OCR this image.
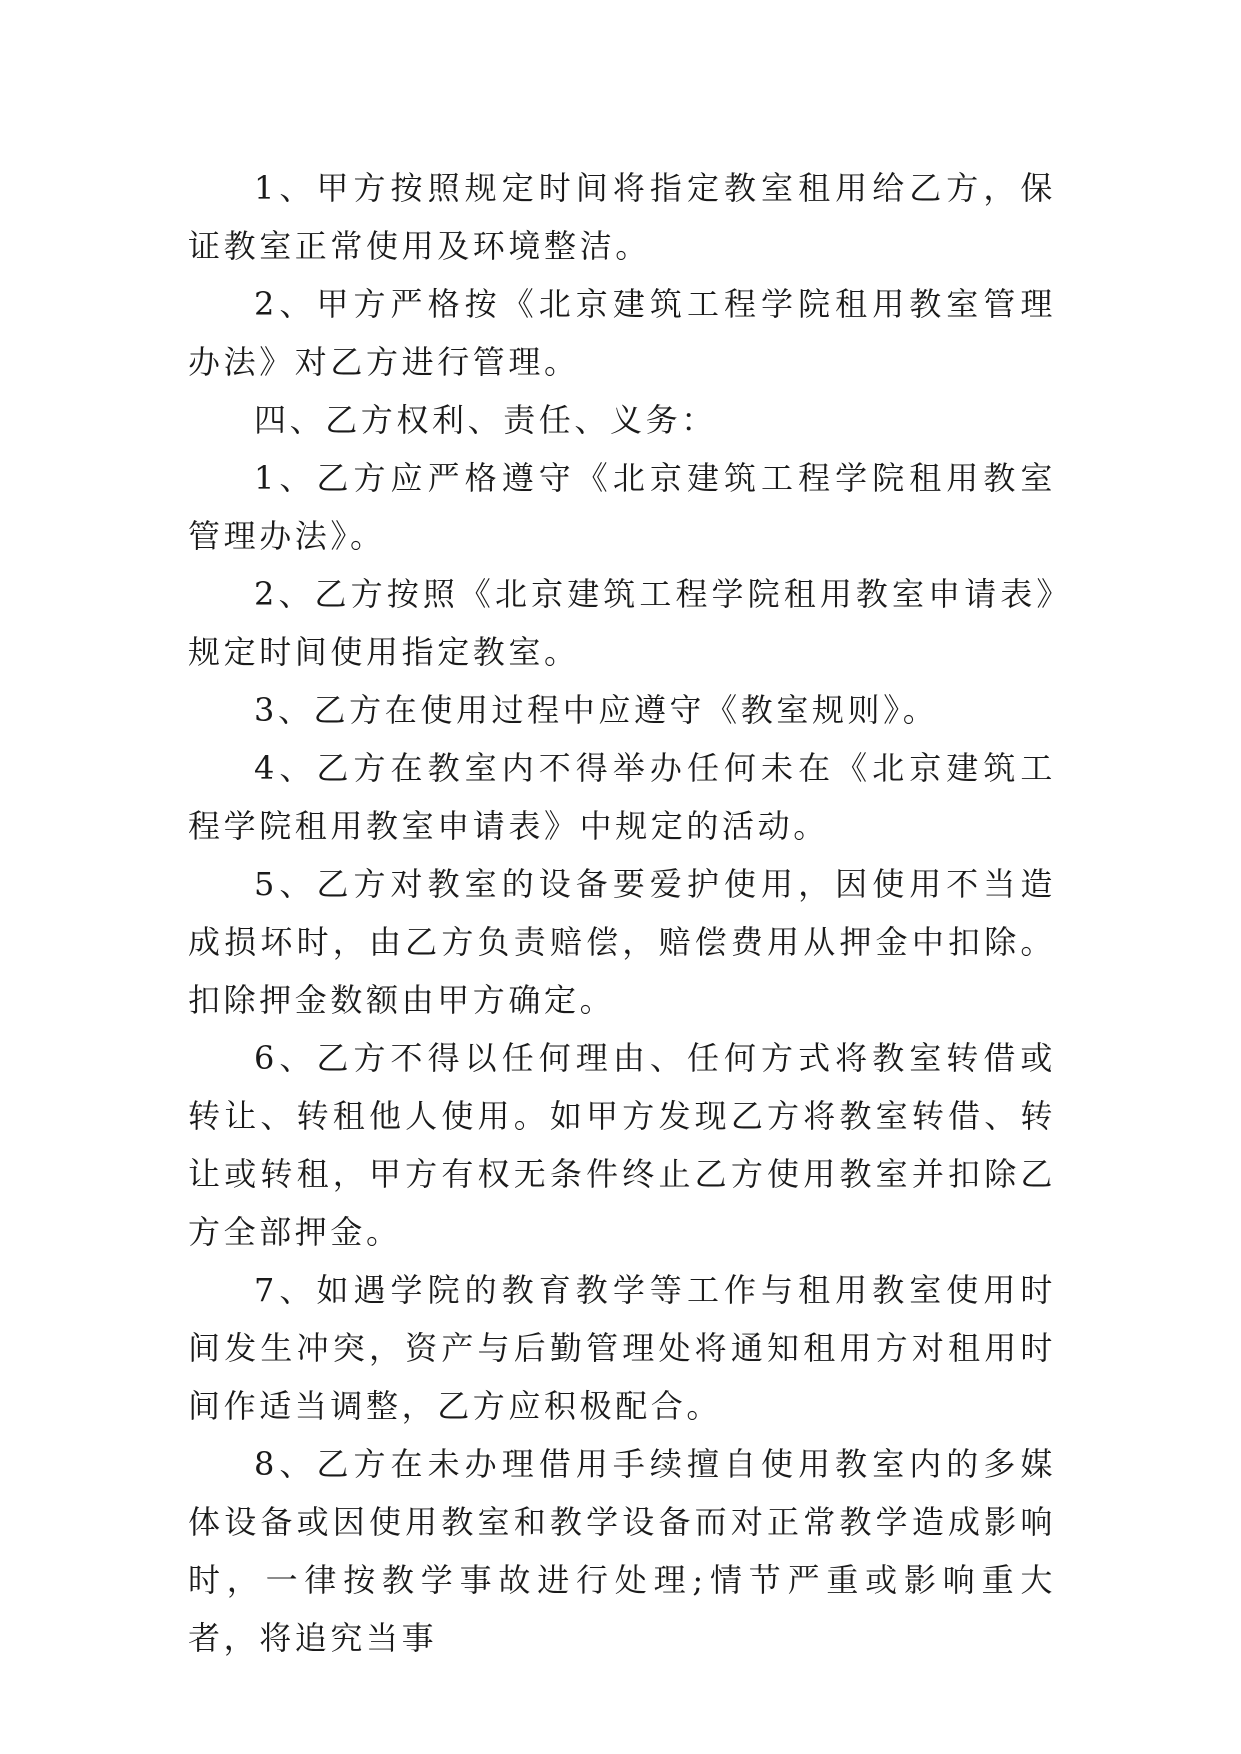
1、甲方按照规定时间将指定教室租用给乙方，保证教室正常使用及环境整洁。

2、甲方严格按《北京建筑工程学院租用教室管理办法》对乙方进行管理。

四、乙方权利、责任、义务：

1、乙方应严格遵守《北京建筑工程学院租用教室管理办法》。

2、乙方按照《北京建筑工程学院租用教室申请表》规定时间使用指定教室。

3、乙方在使用过程中应遵守《教室规则》。

4、乙方在教室内不得举办任何未在《北京建筑工程学院租用教室申请表》中规定的活动。

5、乙方对教室的设备要爱护使用，因使用不当造成损坏时，由乙方负责赔偿，赔偿费用从押金中扣除。扣除押金数额由甲方确定。

6、乙方不得以任何理由、任何方式将教室转借或转让、转租他人使用。如甲方发现乙方将教室转借、转让或转租，甲方有权无条件终止乙方使用教室并扣除乙方全部押金。

7、如遇学院的教育教学等工作与租用教室使用时间发生冲突，资产与后勤管理处将通知租用方对租用时间作适当调整，乙方应积极配合。

8、乙方在未办理借用手续擅自使用教室内的多媒体设备或因使用教室和教学设备而对正常教学造成影响时，一律按教学事故进行处理;情节严重或影响重大者，将追究当事
